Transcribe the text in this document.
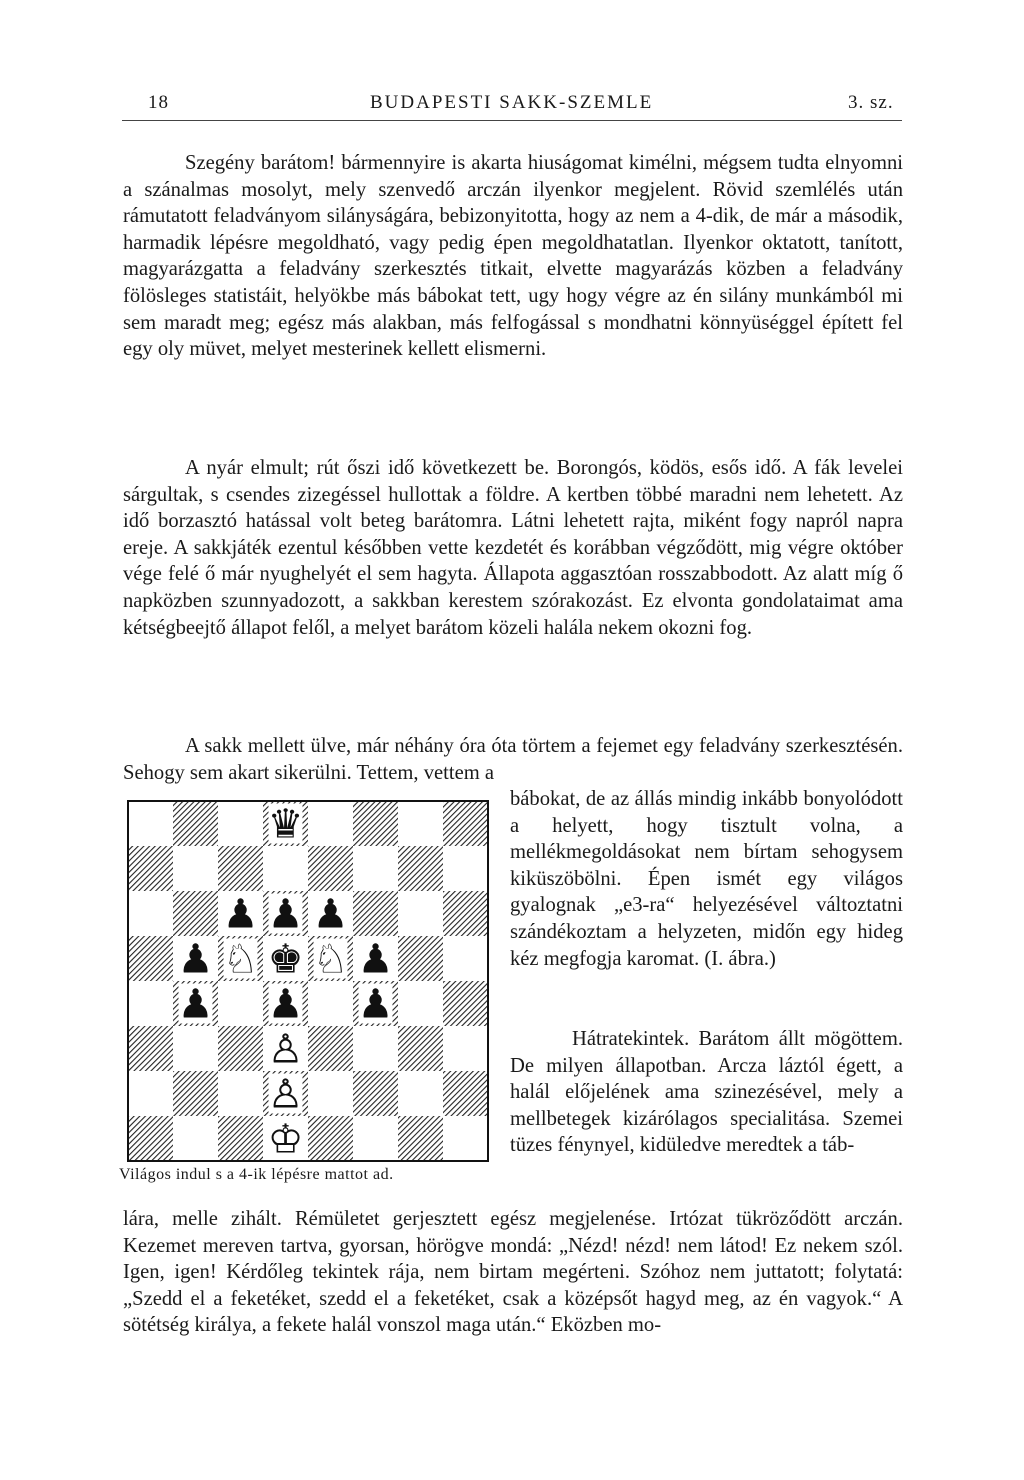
18	BUDAPESTI SAKK-SZEMLE	3. sz.
Szegény barátom! bármennyire is akarta hiuságomat kimélni, mégsem tudta elnyomni a szánalmas mosolyt, mely szenvedő arczán ilyenkor megjelent. Rövid szemlélés után rámutatott feladványom silányságára, bebizonyitotta, hogy az nem a 4-dik, de már a második, harmadik lépésre megoldható, vagy pedig épen megoldhatatlan. Ilyenkor oktatott, tanított, magyarázgatta a feladvány szerkesztés titkait, elvette magyarázás közben a feladvány fölösleges statistáit, helyökbe más bábokat tett, ugy hogy végre az én silány munkámból mi sem maradt meg; egész más alakban, más felfogással s mondhatni könnyüséggel épített fel egy oly müvet, melyet mesterinek kellett elismerni.
A nyár elmult; rút őszi idő következett be. Borongós, ködös, esős idő. A fák levelei sárgultak, s csendes zizegéssel hullottak a földre. A kertben többé maradni nem lehetett. Az idő borzasztó hatással volt beteg barátomra. Látni lehetett rajta, miként fogy napról napra ereje. A sakkjáték ezentul későbben vette kezdetét és korábban végződött, mig végre október vége felé ő már nyughelyét el sem hagyta. Állapota aggasztóan rosszabbodott. Az alatt míg ő napközben szunnyadozott, a sakkban kerestem szórakozást. Ez elvonta gondolataimat ama kétségbeejtő állapot felől, a melyet barátom közeli halála nekem okozni fog.
A sakk mellett ülve, már néhány óra óta törtem a fejemet egy feladvány szerkesztésén. Sehogy sem akart sikerülni. Tettem, vettem a
♛
♟ ♟ ♟
♟ ♘ ♚ ♘ ♟
♟ ♟ ♟
♙
♙
♔
Világos indul s a 4-ik lépésre mattot ad.
bábokat, de az állás mindig inkább bonyolódott a helyett, hogy tisztult volna, a mellékmegoldásokat nem bírtam sehogysem kiküszöbölni. Épen ismét egy világos gyalognak „e3-ra“ helyezésével változtatni szándékoztam a helyzeten, midőn egy hideg kéz megfogja karomat. (I. ábra.)
Hátratekintek. Barátom állt mögöttem. De milyen állapotban. Arcza láztól égett, a halál előjelének ama szinezésével, mely a mellbetegek kizárólagos specialitása. Szemei tüzes fénynyel, kidüledve meredtek a táb-
lára, melle zihált. Rémületet gerjesztett egész megjelenése. Irtózat tükröződött arczán. Kezemet mereven tartva, gyorsan, hörögve mondá: „Nézd! nézd! nem látod! Ez nekem szól. Igen, igen! Kérdőleg tekintek rája, nem birtam megérteni. Szóhoz nem juttatott; folytatá: „Szedd el a feketéket, szedd el a feketéket, csak a középsőt hagyd meg, az én vagyok.“ A sötétség királya, a fekete halál vonszol maga után.“ Eközben mo-
